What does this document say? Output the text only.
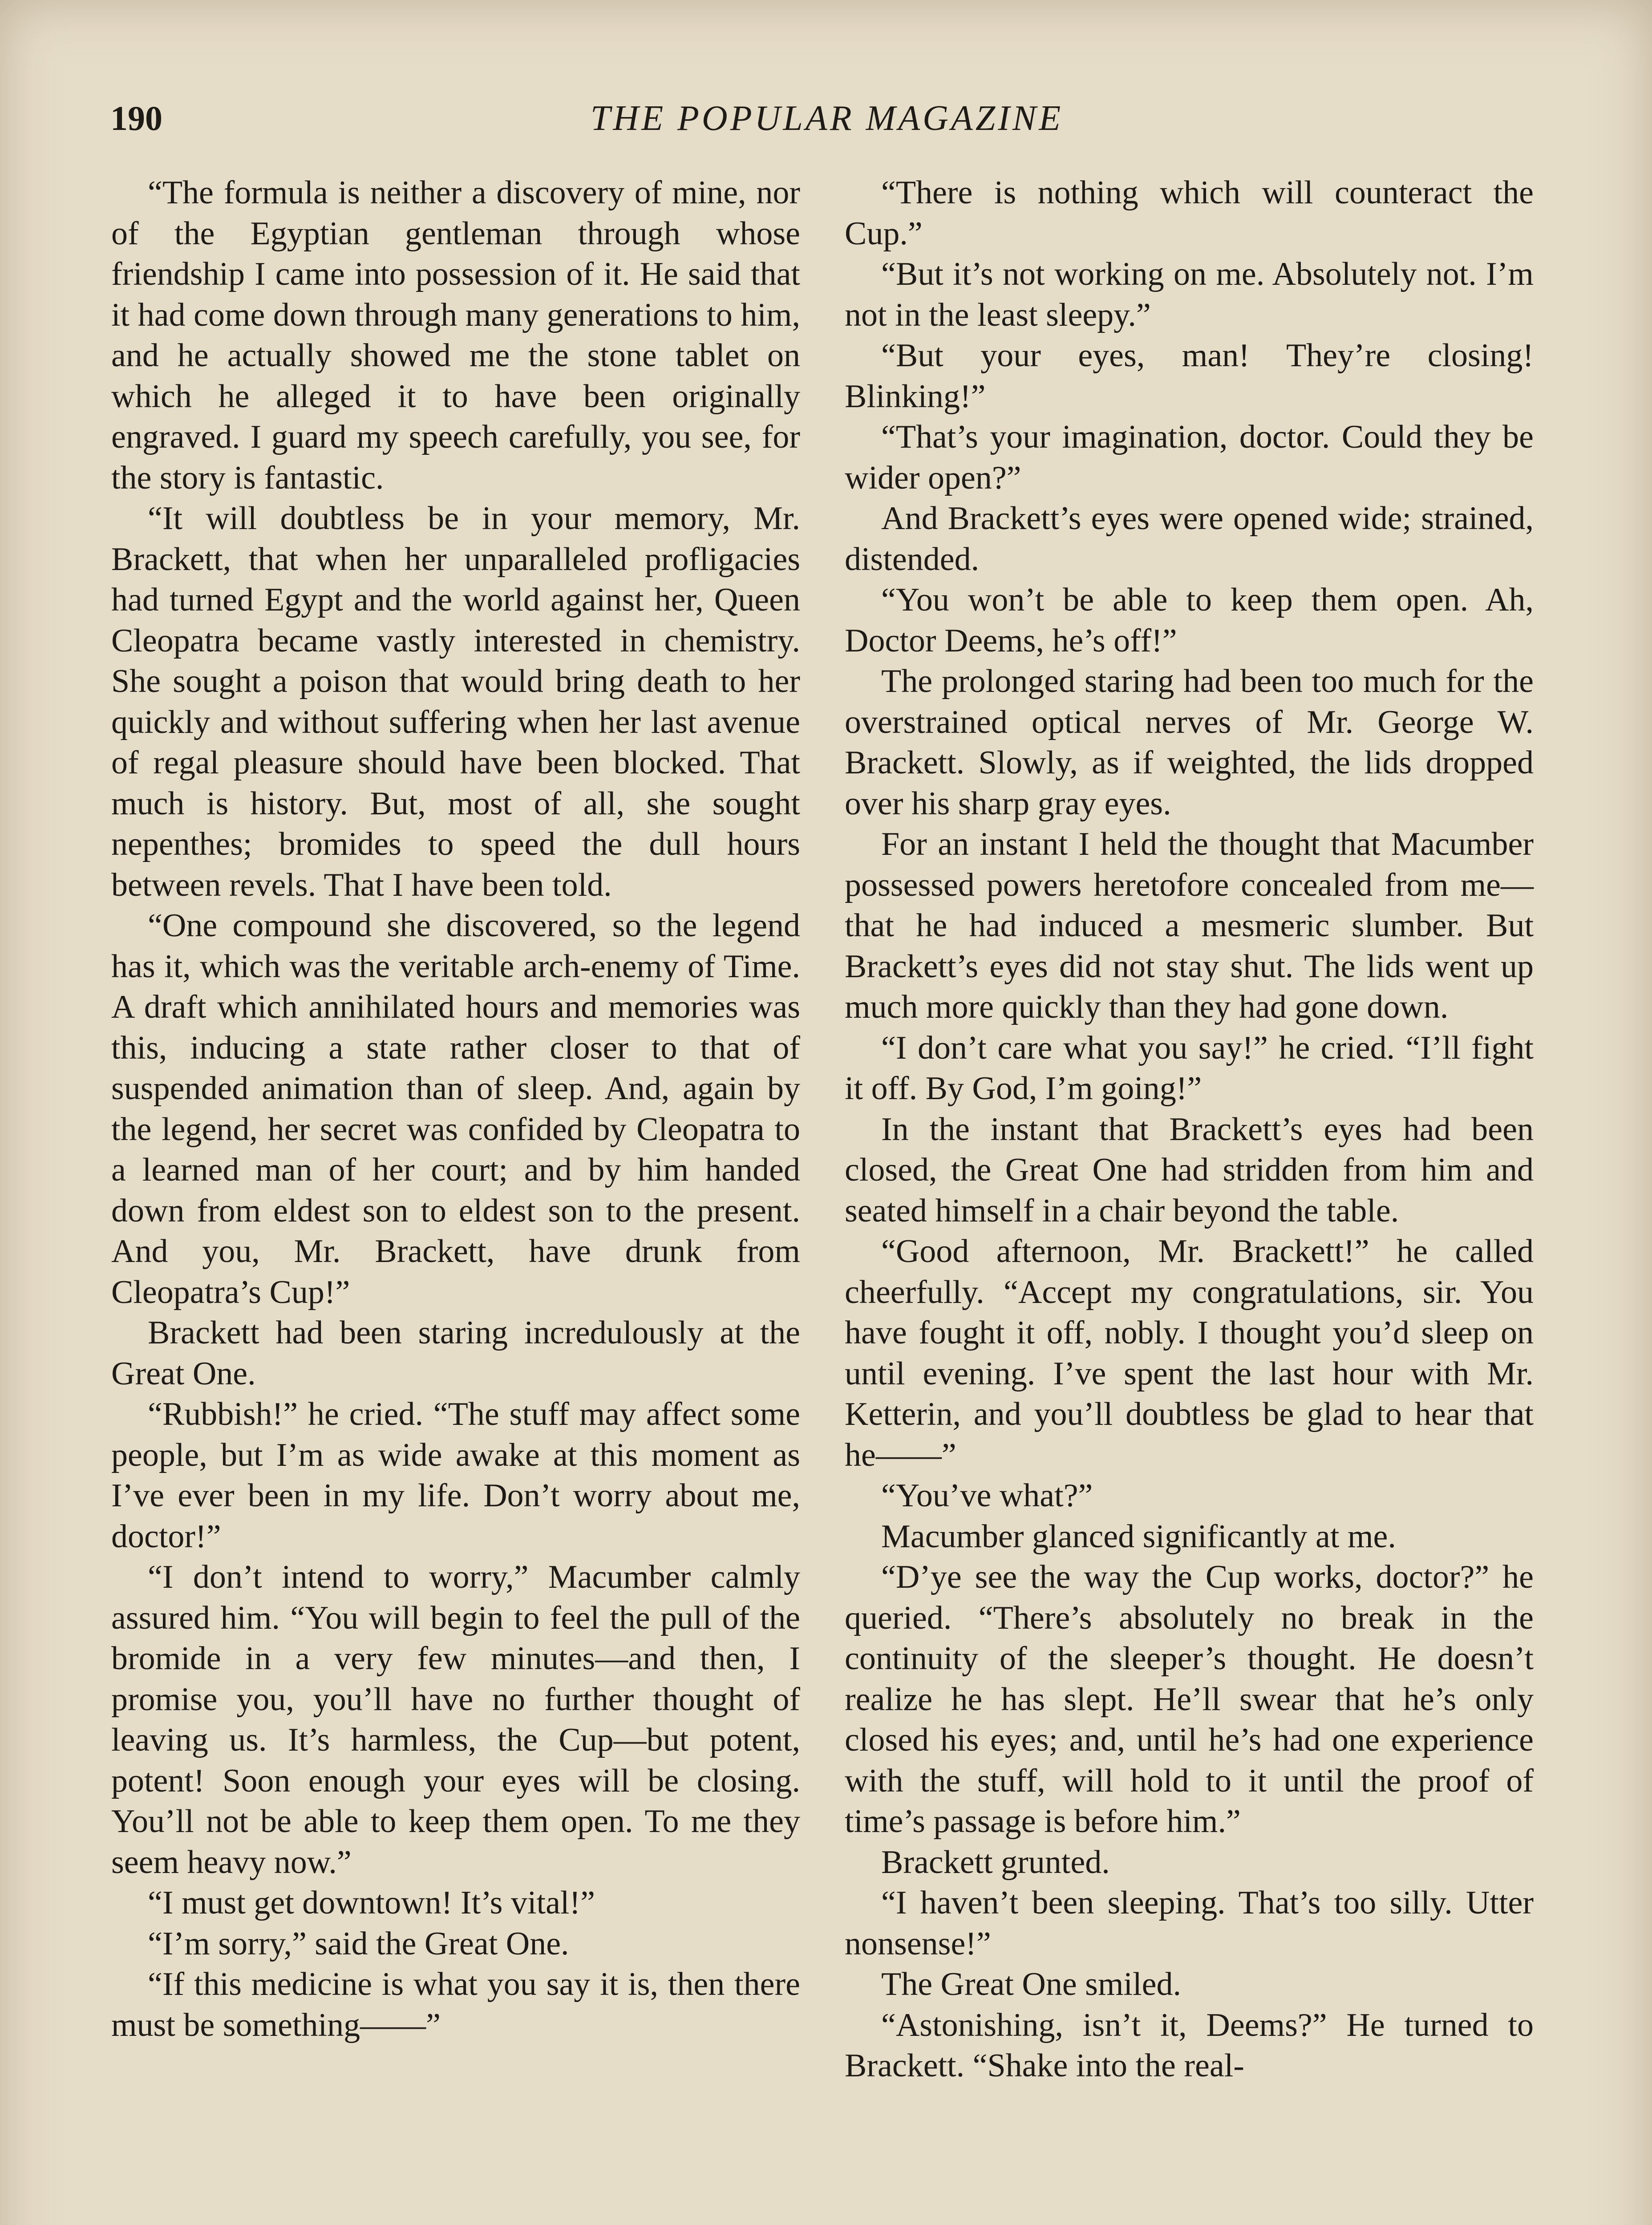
190	THE POPULAR MAGAZINE

“The formula is neither a discovery of mine, nor of the Egyptian gentleman through whose friendship I came into possession of it. He said that it had come down through many generations to him, and he actually showed me the stone tablet on which he alleged it to have been originally engraved. I guard my speech carefully, you see, for the story is fantastic.

“It will doubtless be in your memory, Mr. Brackett, that when her unparalleled profligacies had turned Egypt and the world against her, Queen Cleopatra became vastly interested in chemistry. She sought a poison that would bring death to her quickly and without suffering when her last avenue of regal pleasure should have been blocked. That much is history. But, most of all, she sought nepenthes; bromides to speed the dull hours between revels. That I have been told.

“One compound she discovered, so the legend has it, which was the veritable arch-enemy of Time. A draft which annihilated hours and memories was this, inducing a state rather closer to that of suspended animation than of sleep. And, again by the legend, her secret was confided by Cleopatra to a learned man of her court; and by him handed down from eldest son to eldest son to the present. And you, Mr. Brackett, have drunk from Cleopatra’s Cup!”

Brackett had been staring incredulously at the Great One.

“Rubbish!” he cried. “The stuff may affect some people, but I’m as wide awake at this moment as I’ve ever been in my life. Don’t worry about me, doctor!”

“I don’t intend to worry,” Macumber calmly assured him. “You will begin to feel the pull of the bromide in a very few minutes—and then, I promise you, you’ll have no further thought of leaving us. It’s harmless, the Cup—but potent, potent! Soon enough your eyes will be closing. You’ll not be able to keep them open. To me they seem heavy now.”

“I must get downtown! It’s vital!”

“I’m sorry,” said the Great One.

“If this medicine is what you say it is, then there must be something——”

“There is nothing which will counteract the Cup.”

“But it’s not working on me. Absolutely not. I’m not in the least sleepy.”

“But your eyes, man! They’re closing! Blinking!”

“That’s your imagination, doctor. Could they be wider open?”

And Brackett’s eyes were opened wide; strained, distended.

“You won’t be able to keep them open. Ah, Doctor Deems, he’s off!”

The prolonged staring had been too much for the overstrained optical nerves of Mr. George W. Brackett. Slowly, as if weighted, the lids dropped over his sharp gray eyes.

For an instant I held the thought that Macumber possessed powers heretofore concealed from me—that he had induced a mesmeric slumber. But Brackett’s eyes did not stay shut. The lids went up much more quickly than they had gone down.

“I don’t care what you say!” he cried. “I’ll fight it off. By God, I’m going!”

In the instant that Brackett’s eyes had been closed, the Great One had stridden from him and seated himself in a chair beyond the table.

“Good afternoon, Mr. Brackett!” he called cheerfully. “Accept my congratulations, sir. You have fought it off, nobly. I thought you’d sleep on until evening. I’ve spent the last hour with Mr. Ketterin, and you’ll doubtless be glad to hear that he——”

“You’ve what?”

Macumber glanced significantly at me.

“D’ye see the way the Cup works, doctor?” he queried. “There’s absolutely no break in the continuity of the sleeper’s thought. He doesn’t realize he has slept. He’ll swear that he’s only closed his eyes; and, until he’s had one experience with the stuff, will hold to it until the proof of time’s passage is before him.”

Brackett grunted.

“I haven’t been sleeping. That’s too silly. Utter nonsense!”

The Great One smiled.

“Astonishing, isn’t it, Deems?” He turned to Brackett. “Shake into the real-
